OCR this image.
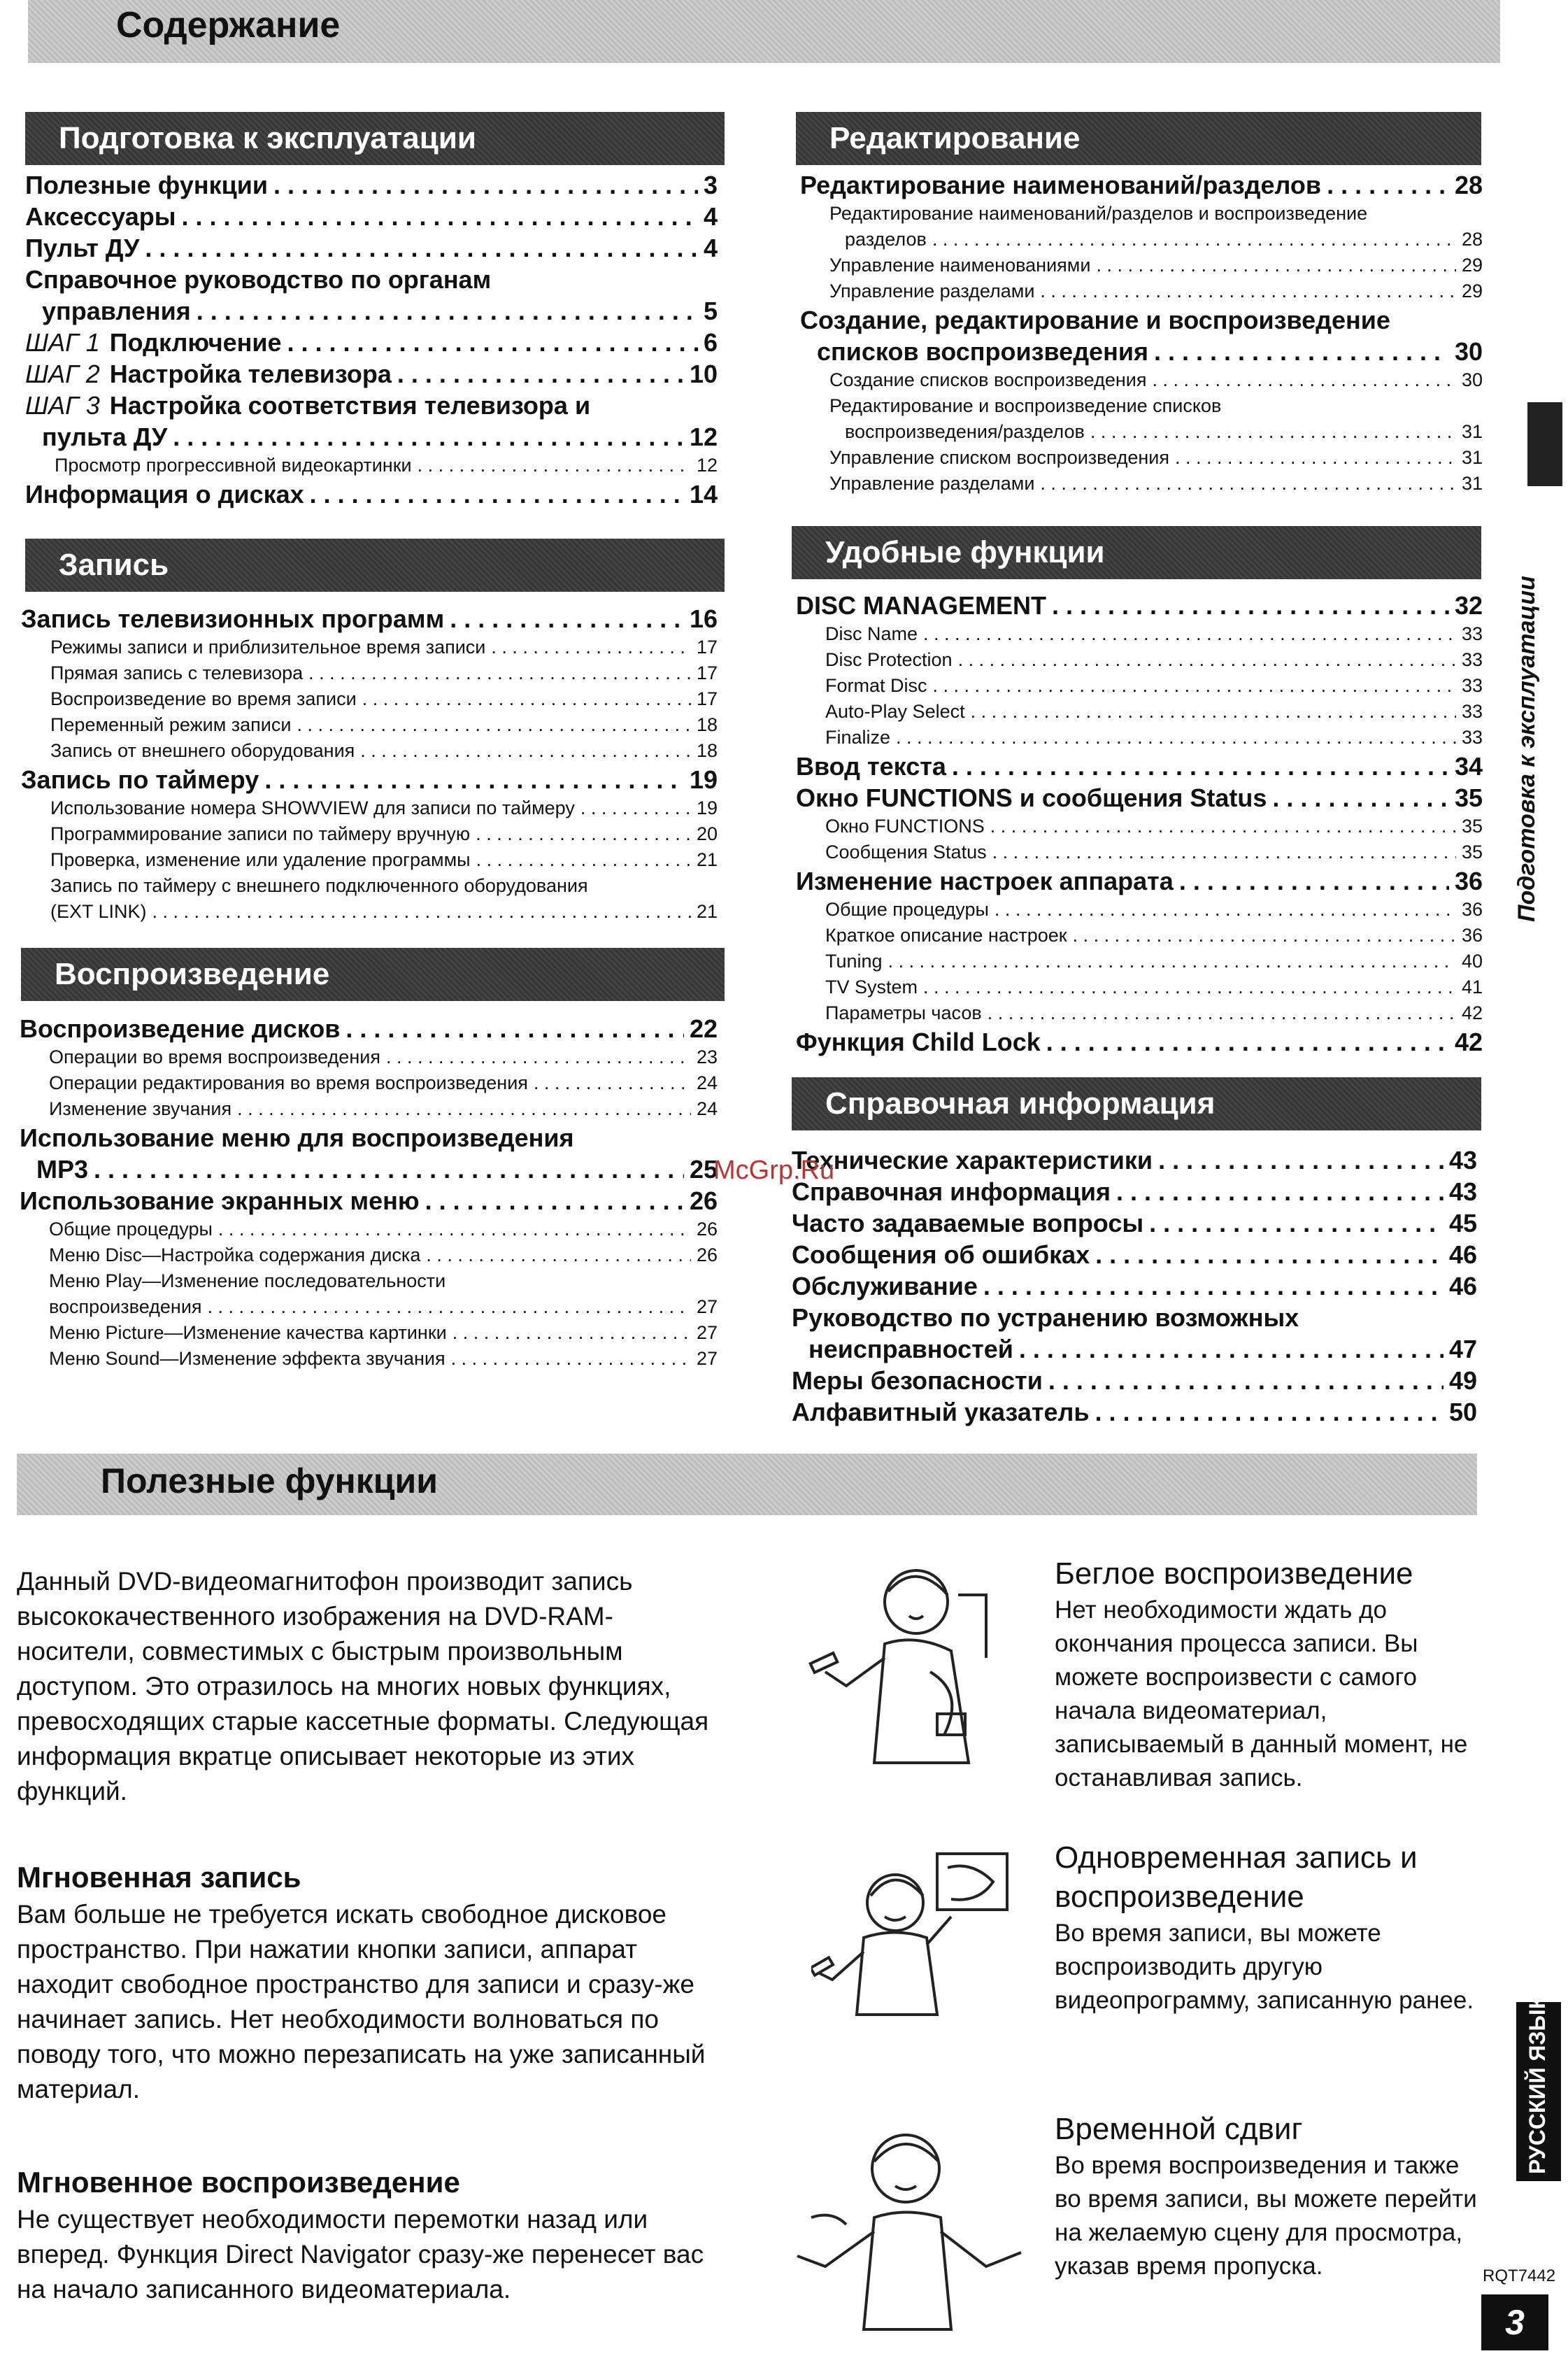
Содержание
Подготовка к эксплуатации
Запись
Воспроизведение
Редактирование
Удобные функции
Справочная информация
Полезные функции . . .	3
Аксессуары . . .	4
Пульт ДУ . . .	4
Справочное руководство по органам
управления . . .	5
ШАГ 1 Подключение . . .	6
ШАГ 2 Настройка телевизора . . .	10
ШАГ 3 Настройка соответствия телевизора и
пульта ДУ . . .	12
Просмотр прогрессивной видеокартинки . . .	12
Информация о дисках . . .	14
Запись телевизионных программ . . .	16
Режимы записи и приблизительное время записи . . .	17
Прямая запись с телевизора . . .	17
Воспроизведение во время записи . . .	17
Переменный режим записи . . .	18
Запись от внешнего оборудования . . .	18
Запись по таймеру . . .	19
Использование номера SHOWVIEW для записи по таймеру . . .	19
Программирование записи по таймеру вручную . . .	20
Проверка, изменение или удаление программы . . .	21
Запись по таймеру с внешнего подключенного оборудования
(EXT LINK) . . .	21
Воспроизведение дисков . . .	22
Операции во время воспроизведения . . .	23
Операции редактирования во время воспроизведения . . .	24
Изменение звучания . . .	24
Использование меню для воспроизведения
MP3 . . .	25
Использование экранных меню . . .	26
Общие процедуры . . .	26
Меню Disc—Настройка содержания диска . . .	26
Меню Play—Изменение последовательности
воспроизведения . . .	27
Меню Picture—Изменение качества картинки . . .	27
Меню Sound—Изменение эффекта звучания . . .	27
Редактирование наименований/разделов . . .	28
Редактирование наименований/разделов и воспроизведение
разделов . . .	28
Управление наименованиями . . .	29
Управление разделами . . .	29
Создание, редактирование и воспроизведение
списков воспроизведения . . .	30
Создание списков воспроизведения . . .	30
Редактирование и воспроизведение списков
воспроизведения/разделов . . .	31
Управление списком воспроизведения . . .	31
Управление разделами . . .	31
DISC MANAGEMENT . . .	32
Disc Name . . .	33
Disc Protection . . .	33
Format Disc . . .	33
Auto-Play Select . . .	33
Finalize . . .	33
Ввод текста . . .	34
Окно FUNCTIONS и сообщения Status . . .	35
Окно FUNCTIONS . . .	35
Сообщения Status . . .	35
Изменение настроек аппарата . . .	36
Общие процедуры . . .	36
Краткое описание настроек . . .	36
Tuning . . .	40
TV System . . .	41
Параметры часов . . .	42
Функция Child Lock . . .	42
Технические характеристики . . .	43
Справочная информация . . .	43
Часто задаваемые вопросы . . .	45
Сообщения об ошибках . . .	46
Обслуживание . . .	46
Руководство по устранению возможных
неисправностей . . .	47
Меры безопасности . . .	49
Алфавитный указатель . . .	50
McGrp.Ru
Полезные функции

Данный DVD-видеомагнитофон производит запись высококачественного изображения на DVD-RAM-носители, совместимых с быстрым произвольным доступом. Это отразилось на многих новых функциях, превосходящих старые кассетные форматы. Следующая информация вкратце описывает некоторые из этих функций.

Мгновенная запись

Вам больше не требуется искать свободное дисковое пространство. При нажатии кнопки записи, аппарат находит свободное пространство для записи и сразу-же начинает запись. Нет необходимости волноваться по поводу того, что можно перезаписать на уже записанный материал.

Мгновенное воспроизведение

Не существует необходимости перемотки назад или вперед. Функция Direct Navigator сразу-же перенесет вас на начало записанного видеоматериала.

Беглое воспроизведение

Нет необходимости ждать до окончания процесса записи. Вы можете воспроизвести с самого начала видеоматериал, записываемый в данный момент, не останавливая запись.

Одновременная запись и воспроизведение

Во время записи, вы можете воспроизводить другую видеопрограмму, записанную ранее.

Временной сдвиг

Во время воспроизведения и также во время записи, вы можете перейти на желаемую сцену для просмотра, указав время пропуска.

Подготовка к эксплуатации
РУССКИЙ ЯЗЫК
RQT7442
3
